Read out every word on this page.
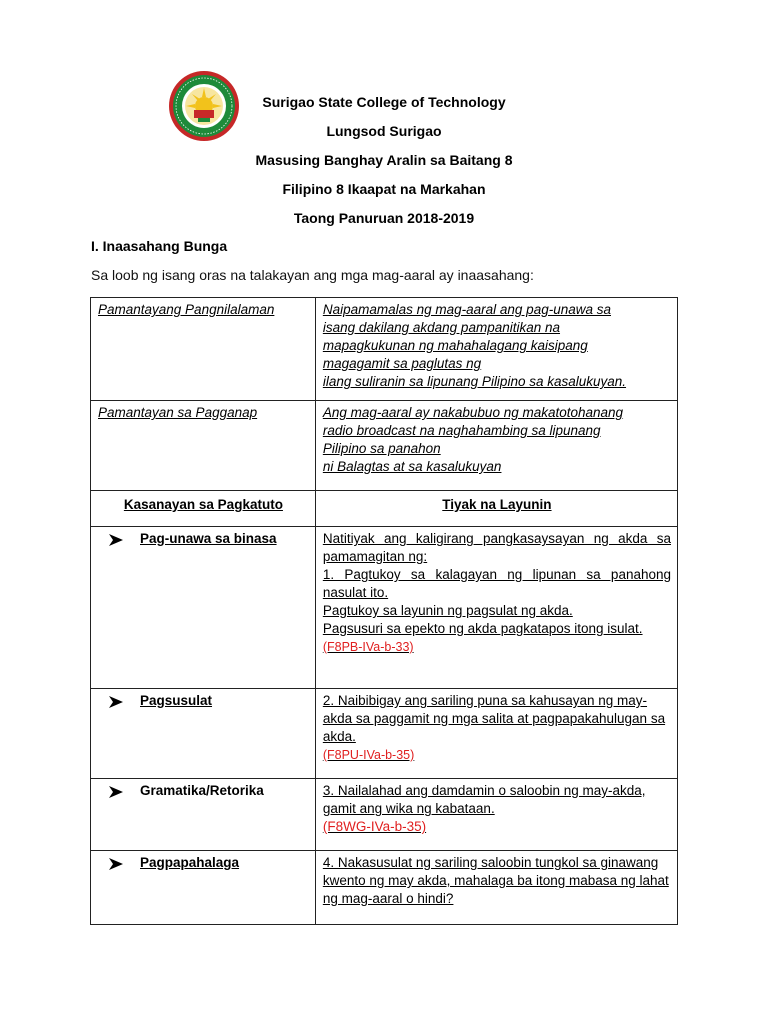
Surigao State College of Technology
Lungsod Surigao
Masusing Banghay Aralin sa Baitang 8
Filipino 8 Ikaapat na Markahan
Taong Panuruan 2018-2019
I. Inaasahang Bunga
Sa loob ng isang oras na talakayan ang mga mag-aaral ay inaasahang:
Pamantayang Pangnilalaman	Naipamamalas ng mag-aaral ang pag-unawa sa
isang dakilang akdang pampanitikan na
mapagkukunan ng mahahalagang kaisipang
magagamit sa paglutas ng
ilang suliranin sa lipunang Pilipino sa kasalukuyan.

Pamantayan sa Pagganap	Ang mag-aaral ay nakabubuo ng makatotohanang
radio broadcast na naghahambing sa lipunang
Pilipino sa panahon
ni Balagtas at sa kasalukuyan

Kasanayan sa Pagkatuto	Tiyak na Layunin

Pag-unawa sa binasa	Natitiyak ang kaligirang pangkasaysayan ng akda sa pamamagitan ng:
1. Pagtukoy sa kalagayan ng lipunan sa panahong nasulat ito.
Pagtukoy sa layunin ng pagsulat ng akda.
Pagsusuri sa epekto ng akda pagkatapos itong isulat.
(F8PB-IVa-b-33)

Pagsusulat	2. Naibibigay ang sariling puna sa kahusayan ng may-akda sa paggamit ng mga salita at pagpapakahulugan sa akda.
(F8PU-IVa-b-35)

Gramatika/Retorika	3. Nailalahad ang damdamin o saloobin ng may-akda, gamit ang wika ng kabataan.
(F8WG-IVa-b-35)

Pagpapahalaga	4. Nakasusulat ng sariling saloobin tungkol sa ginawang kwento ng may akda, mahalaga ba itong mabasa ng lahat ng mag-aaral o hindi?
